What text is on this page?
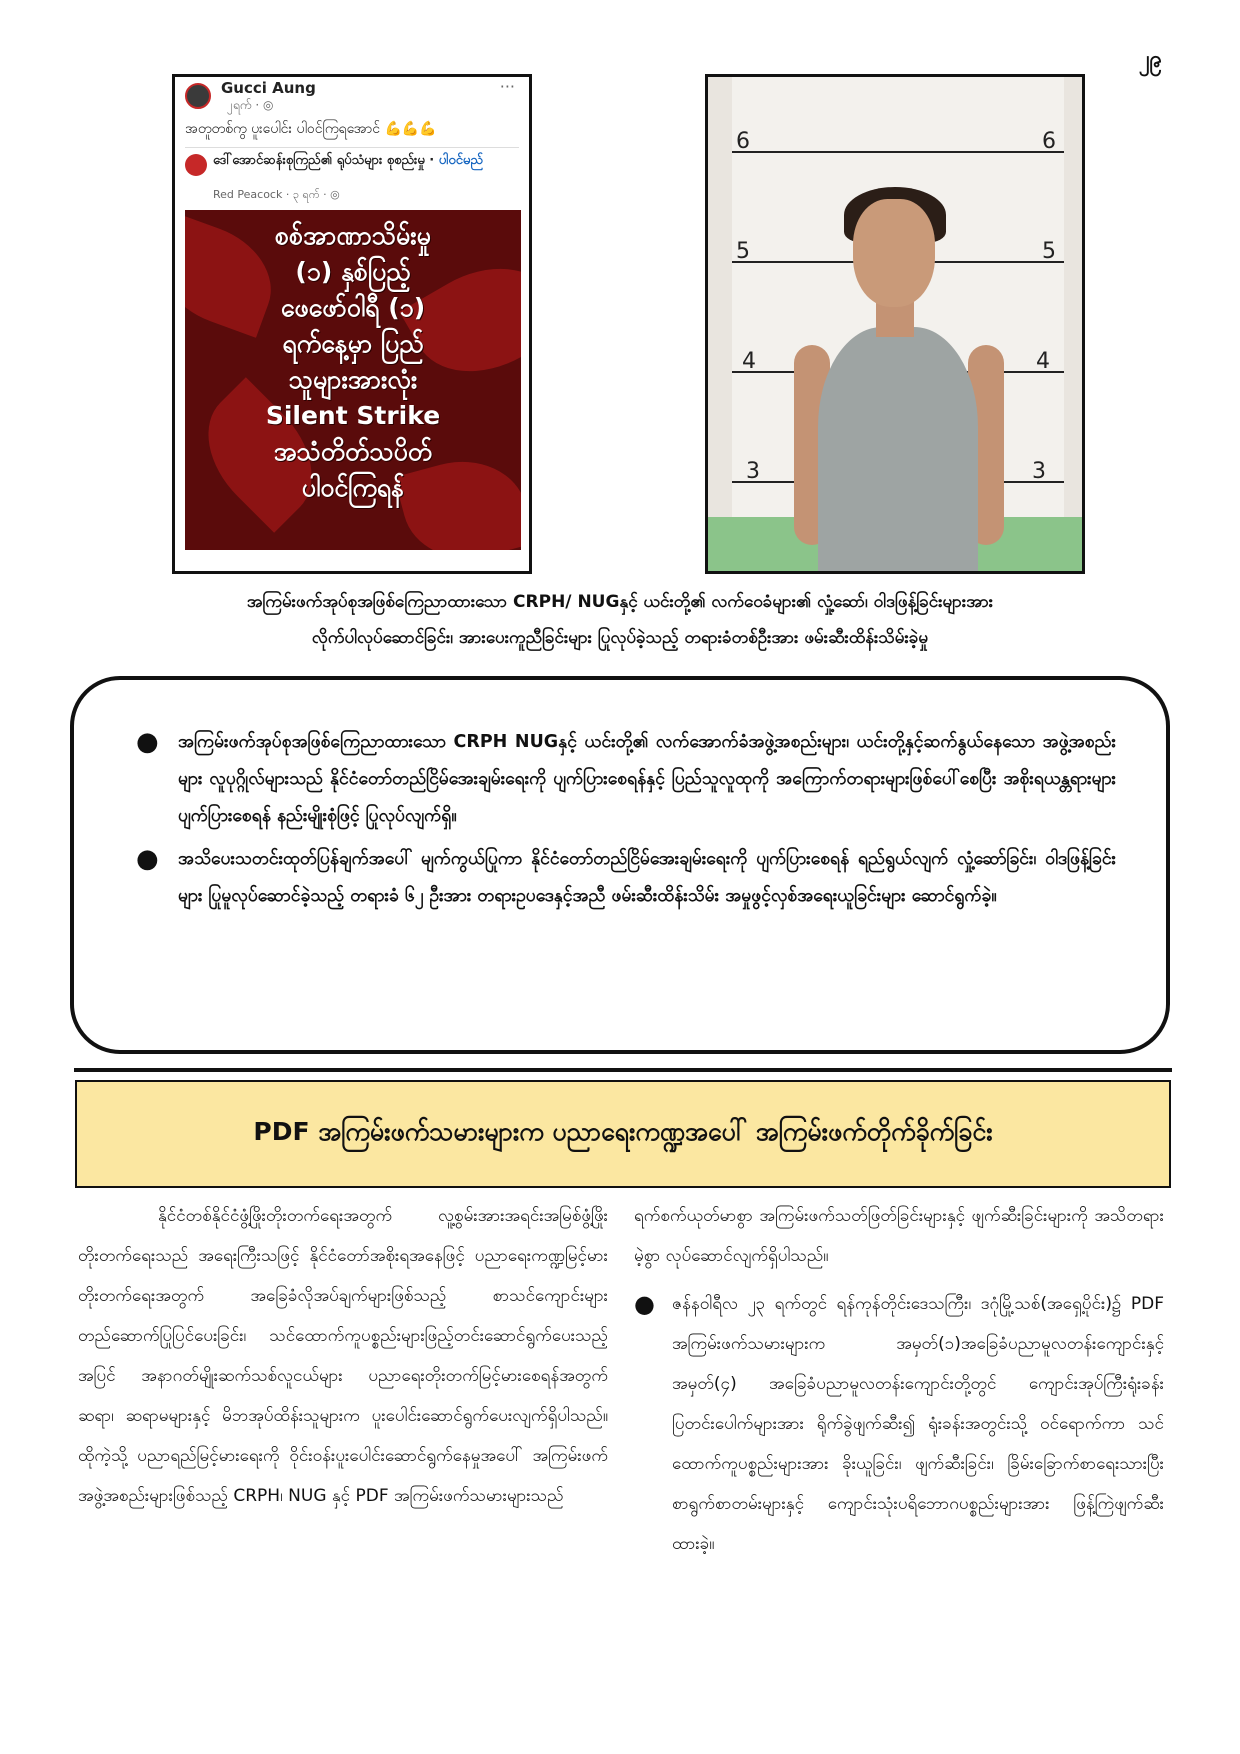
၂၉
Gucci Aung
၂ရက် · ◎
···
အတူတစ်ကွ ပူးပေါင်း ပါဝင်ကြရအောင် 💪💪💪
ဒေါ်အောင်ဆန်းစုကြည်၏ ရုပ်သံများ စုစည်းမှု · ပါဝင်မည်
Red Peacock · ၃ ရက် · ◎
စစ်အာဏာသိမ်းမှု
(၁) နှစ်ပြည့်
ဖေဖော်ဝါရီ (၁)
ရက်နေ့မှာ ပြည်
သူများအားလုံး
Silent Strike
အသံတိတ်သပိတ်
ပါဝင်ကြရန်
6
5
4
3
6
5
4
3
အကြမ်းဖက်အုပ်စုအဖြစ်ကြေညာထားသော CRPH/ NUGနှင့် ယင်းတို့၏ လက်ဝေခံများ၏ လှုံ့ဆော်၊ ဝါဒဖြန့်ခြင်းများအား
လိုက်ပါလုပ်ဆောင်ခြင်း၊ အားပေးကူညီခြင်းများ ပြုလုပ်ခဲ့သည့် တရားခံတစ်ဦးအား ဖမ်းဆီးထိန်းသိမ်းခဲ့မှု
● အကြမ်းဖက်အုပ်စုအဖြစ်ကြေညာထားသော CRPH NUGနှင့် ယင်းတို့၏ လက်အောက်ခံအဖွဲ့အစည်းများ၊ ယင်းတို့နှင့်ဆက်နွယ်နေသော အဖွဲ့အစည်းများ လူပုဂ္ဂိုလ်များသည် နိုင်ငံတော်တည်ငြိမ်အေးချမ်းရေးကို ပျက်ပြားစေရန်နှင့် ပြည်သူလူထုကို အကြောက်တရားများဖြစ်ပေါ်စေပြီး အစိုးရယန္တရားများပျက်ပြားစေရန် နည်းမျိုးစုံဖြင့် ပြုလုပ်လျက်ရှိ။
● အသိပေးသတင်းထုတ်ပြန်ချက်အပေါ် မျက်ကွယ်ပြုကာ နိုင်ငံတော်တည်ငြိမ်အေးချမ်းရေးကို ပျက်ပြားစေရန် ရည်ရွယ်လျက် လှုံ့ဆော်ခြင်း၊ ဝါဒဖြန့်ခြင်းများ ပြုမူလုပ်ဆောင်ခဲ့သည့် တရားခံ ၆၂ ဦးအား တရားဥပဒေနှင့်အညီ ဖမ်းဆီးထိန်းသိမ်း အမှုဖွင့်လှစ်အရေးယူခြင်းများ ဆောင်ရွက်ခဲ့။
PDF အကြမ်းဖက်သမားများက ပညာရေးကဏ္ဍအပေါ် အကြမ်းဖက်တိုက်ခိုက်ခြင်း
နိုင်ငံတစ်နိုင်ငံဖွံ့ဖြိုးတိုးတက်ရေးအတွက် လူ့စွမ်းအားအရင်းအမြစ်ဖွံ့ဖြိုးတိုးတက်ရေးသည် အရေးကြီးသဖြင့် နိုင်ငံတော်အစိုးရအနေဖြင့် ပညာရေးကဏ္ဍမြင့်မားတိုးတက်ရေးအတွက် အခြေခံလိုအပ်ချက်များဖြစ်သည့် စာသင်ကျောင်းများ တည်ဆောက်ပြုပြင်ပေးခြင်း၊ သင်ထောက်ကူပစ္စည်းများဖြည့်တင်းဆောင်ရွက်ပေးသည့်အပြင် အနာဂတ်မျိုးဆက်သစ်လူငယ်များ ပညာရေးတိုးတက်မြင့်မားစေရန်အတွက် ဆရာ၊ ဆရာမများနှင့် မိဘအုပ်ထိန်းသူများက ပူးပေါင်းဆောင်ရွက်ပေးလျက်ရှိပါသည်။ ထိုကဲ့သို့ ပညာရည်မြင့်မားရေးကို ဝိုင်းဝန်းပူးပေါင်းဆောင်ရွက်နေမှုအပေါ် အကြမ်းဖက်အဖွဲ့အစည်းများဖြစ်သည့် CRPH၊ NUG နှင့် PDF အကြမ်းဖက်သမားများသည်
ရက်စက်ယုတ်မာစွာ အကြမ်းဖက်သတ်ဖြတ်ခြင်းများနှင့် ဖျက်ဆီးခြင်းများကို အသိတရားမဲ့စွာ လုပ်ဆောင်လျက်ရှိပါသည်။
● ဇန်နဝါရီလ ၂၃ ရက်တွင် ရန်ကုန်တိုင်းဒေသကြီး၊ ဒဂုံမြို့သစ်(အရှေ့ပိုင်း)၌ PDF အကြမ်းဖက်သမားများက အမှတ်(၁)အခြေခံပညာမူလတန်းကျောင်းနှင့် အမှတ်(၄) အခြေခံပညာမူလတန်းကျောင်းတို့တွင် ကျောင်းအုပ်ကြီးရုံးခန်းပြတင်းပေါက်များအား ရိုက်ခွဲဖျက်ဆီး၍ ရုံးခန်းအတွင်းသို့ ဝင်ရောက်ကာ သင်ထောက်ကူပစ္စည်းများအား ခိုးယူခြင်း၊ ဖျက်ဆီးခြင်း၊ ခြိမ်းခြောက်စာရေးသားပြီး စာရွက်စာတမ်းများနှင့် ကျောင်းသုံးပရိဘောဂပစ္စည်းများအား ဖြန့်ကြဲဖျက်ဆီးထားခဲ့။
